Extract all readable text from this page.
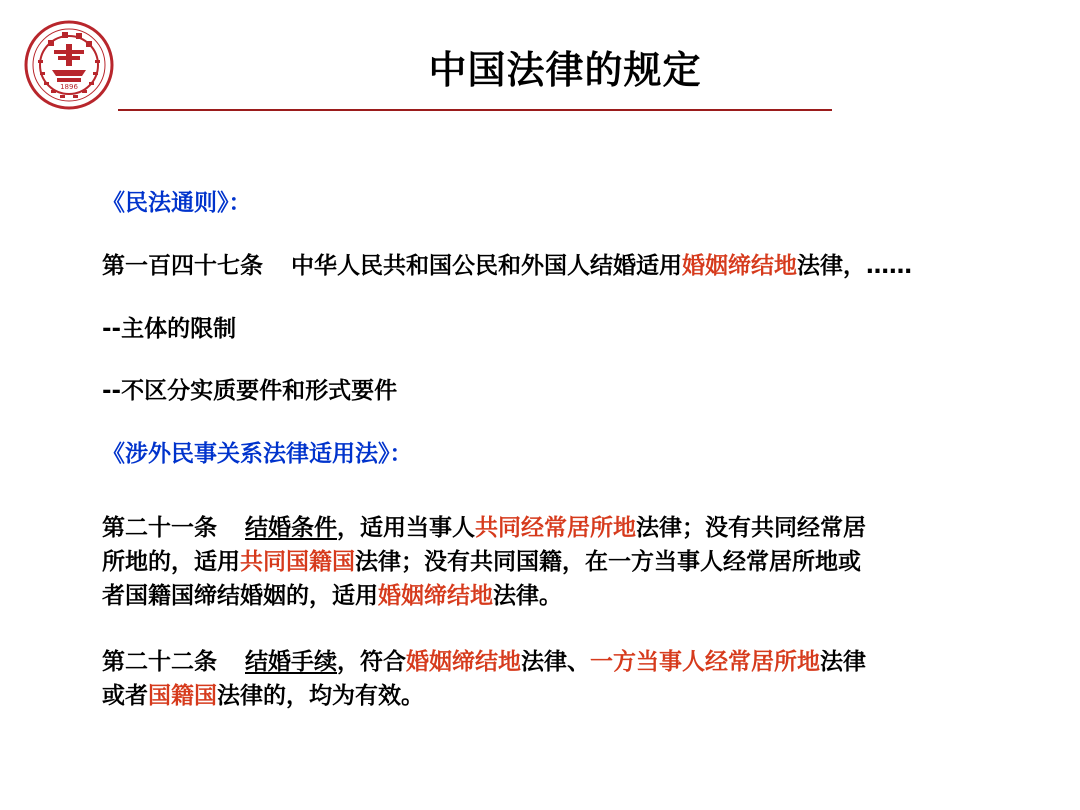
1896	中国法律的规定
《民法通则》：
第一百四十七条 中华人民共和国公民和外国人结婚适用婚姻缔结地法律，……
--主体的限制
--不区分实质要件和形式要件
《涉外民事关系法律适用法》：
第二十一条 结婚条件，适用当事人共同经常居所地法律；没有共同经常居
所地的，适用共同国籍国法律；没有共同国籍，在一方当事人经常居所地或
者国籍国缔结婚姻的，适用婚姻缔结地法律。
第二十二条 结婚手续，符合婚姻缔结地法律、一方当事人经常居所地法律
或者国籍国法律的，均为有效。
